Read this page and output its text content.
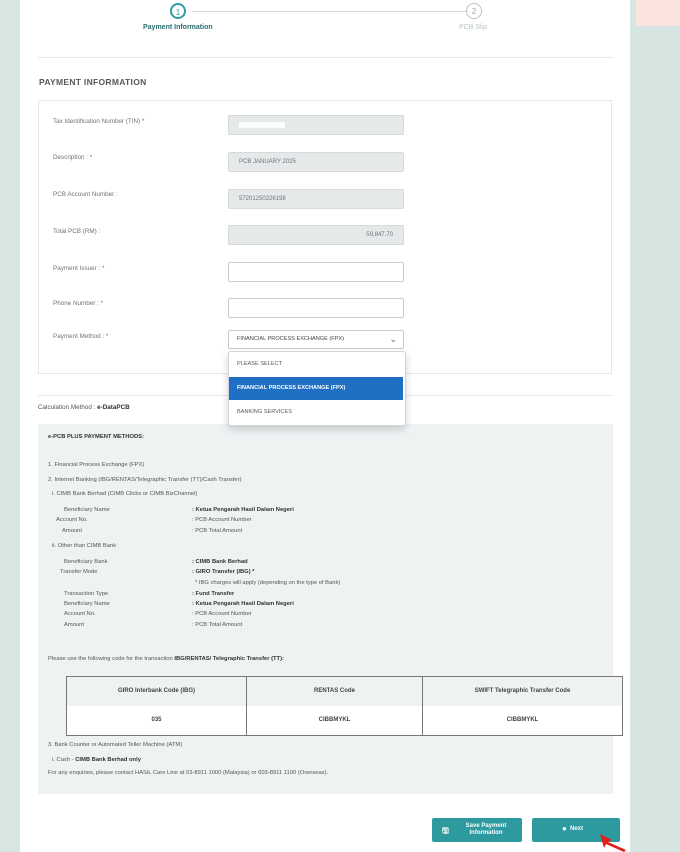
1	2
Payment Information	PCB Slip
PAYMENT INFORMATION
Tax Identification Number (TIN) *
Description : *
PCB JANUARY 2025
PCB Account Number :
57201250226198
Total PCB (RM) :	59,847.70
Payment Issuer : *
Phone Number : *
Payment Method : *	FINANCIAL PROCESS EXCHANGE (FPX)	⌄
Calculation Method : e-DataPCB
e-PCB PLUS PAYMENT METHODS:
1. Financial Process Exchange (FPX)
2. Internet Banking (IBG/RENTAS/Telegraphic Transfer (TT)/Cash Transfer)
i. CIMB Bank Berhad (CIMB Clicks or CIMB BizChannel)
Beneficiary Name	: Ketua Pengarah Hasil Dalam Negeri
Account No.	: PCB Account Number
Amount	: PCB Total Amount
ii. Other than CIMB Bank
Beneficiary Bank	: CIMB Bank Berhad
Transfer Mode	: GIRO Transfer (IBG) *
* IBG charges will apply (depending on the type of Bank)
Transaction Type	: Fund Transfer
Beneficiary Name	: Ketua Pengarah Hasil Dalam Negeri
Account No.	: PCB Account Number
Amount	: PCB Total Amount
Please use the following code for the transaction IBG/RENTAS/ Telegraphic Transfer (TT):
GIRO Interbank Code (IBG)	RENTAS Code	SWIFT Telegraphic Transfer Code
035	CIBBMYKL	CIBBMYKL
3. Bank Counter or Automated Teller Machine (ATM)
i. Cash - CIMB Bank Berhad only
For any enquiries, please contact HASiL Care Line at 03-8911 1000 (Malaysia) or 603-8911 1100 (Overseas).
PLEASE SELECT
FINANCIAL PROCESS EXCHANGE (FPX)
BANKING SERVICES
🖫	Save Payment Information	● Next
